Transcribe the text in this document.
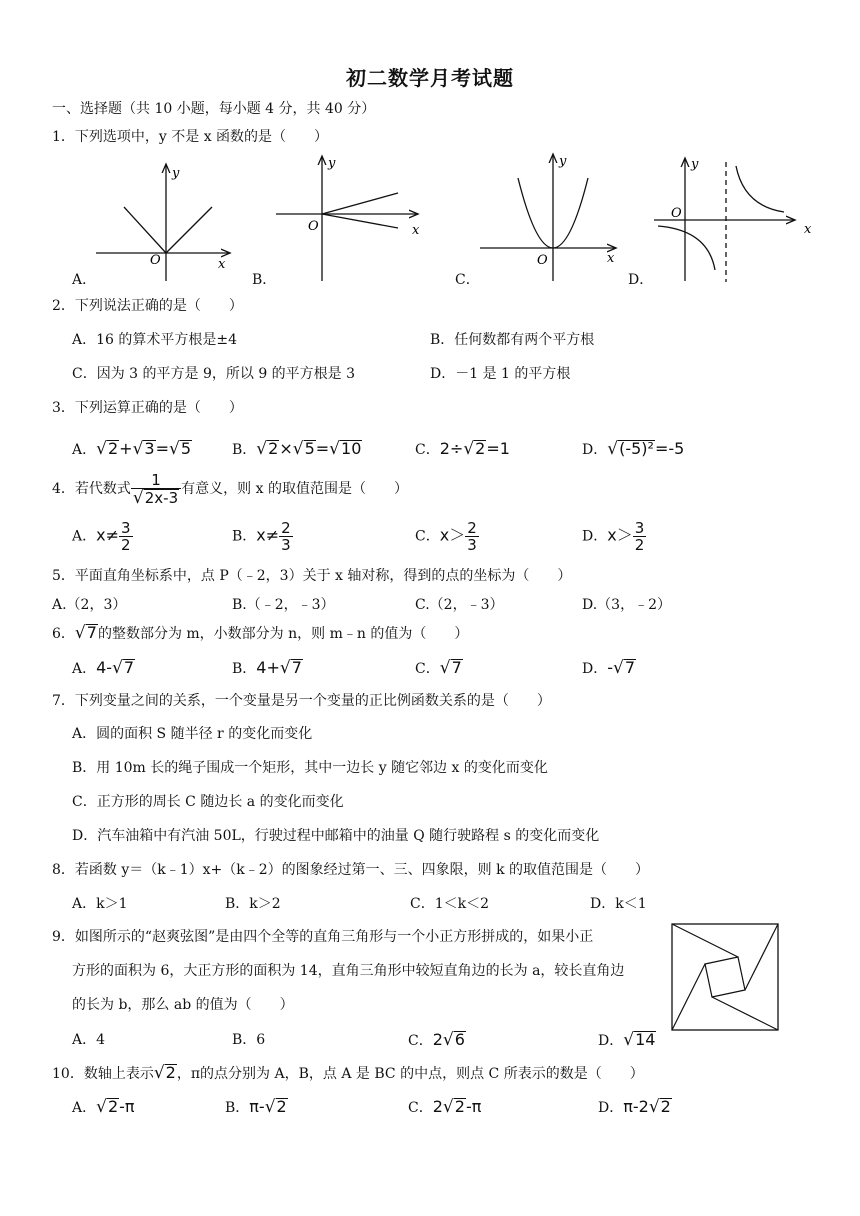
初二数学月考试题
一、选择题（共 10 小题，每小题 4 分，共 40 分）
1．下列选项中，y 不是 x 函数的是（　　）
y
O	x
y
O	x
y
O	x
y
O
x
A．	B．	C．	D．
2．下列说法正确的是（　　）
A．16 的算术平方根是±4	B．任何数都有两个平方根
C．因为 3 的平方是 9，所以 9 的平方根是 3	D．－1 是 1 的平方根
3．下列运算正确的是（　　）
A．√2+√3=√5	B．√2×√5=√10	C．2÷√2=1	D．√(-5)²=-5
4．若代数式 $\frac{1}{√2x-3}$ 有意义，则 x 的取值范围是（　　）
A．$x\ne \frac{3}{2}$	B．$x\ne \frac{2}{3}$	C．$x> \frac{2}{3}$	D．$x> \frac{3}{2}$
5．平面直角坐标系中，点 P（﹣2，3）关于 x 轴对称，得到的点的坐标为（　　）
A.（2，3）	B.（﹣2，﹣3）	C.（2，﹣3）	D.（3，﹣2）
6．√7的整数部分为 m，小数部分为 n，则 m﹣n 的值为（　　）
A．4-√7	B．4+√7	C．√7	D．-√7
7．下列变量之间的关系，一个变量是另一个变量的正比例函数关系的是（　　）
A．圆的面积 S 随半径 r 的变化而变化
B．用 10m 长的绳子围成一个矩形，其中一边长 y 随它邻边 x 的变化而变化
C．正方形的周长 C 随边长 a 的变化而变化
D．汽车油箱中有汽油 50L，行驶过程中邮箱中的油量 Q 随行驶路程 s 的变化而变化
8．若函数 y＝（k﹣1）x+（k﹣2）的图象经过第一、三、四象限，则 k 的取值范围是（　　）
A．k＞1	B．k＞2	C．1＜k＜2	D．k＜1
9．如图所示的“赵爽弦图”是由四个全等的直角三角形与一个小正方形拼成的，如果小正
方形的面积为 6，大正方形的面积为 14，直角三角形中较短直角边的长为 a，较长直角边
的长为 b，那么 ab 的值为（　　）
A．4	B．6	C．2√6	D．√14
10．数轴上表示√2，π的点分别为 A，B，点 A 是 BC 的中点，则点 C 所表示的数是（　　）
A．√2-π	B．π-√2	C．2√2-π	D．π-2√2
